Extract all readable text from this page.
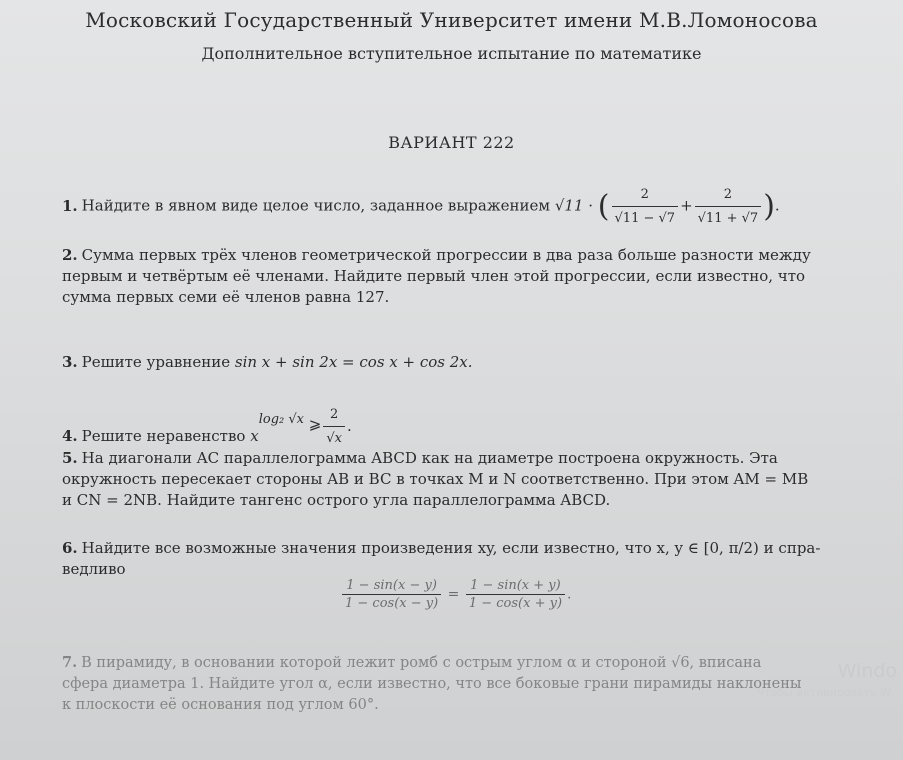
Московский Государственный Университет имени М.В.Ломоносова
Дополнительное вступительное испытание по математике
ВАРИАНТ 222
1. Найдите в явном виде целое число, заданное выражением √11 · ( $\frac{2}{√11 - √7} + \frac{2}{√11 + √7}$ ).
2. Сумма первых трёх членов геометрической прогрессии в два раза больше разности между
первым и четвёртым её членами. Найдите первый член этой прогрессии, если известно, что
сумма первых семи её членов равна 127.
3. Решите уравнение sin x + sin 2x = cos x + cos 2x.
4. Решите неравенство xlog₂ √x ⩾ $\frac{2}{√x}$ .
5. На диагонали AC параллелограмма ABCD как на диаметре построена окружность. Эта
окружность пересекает стороны AB и BC в точках M и N соответственно. При этом AM = MB
и CN = 2NB. Найдите тангенс острого угла параллелограмма ABCD.
6. Найдите все возможные значения произведения xy, если известно, что x, y ∈ [0, π/2) и спра-
ведливо
$\frac{1 - \sin(x - y)}{1 - \cos(x - y)} = \frac{1 - \sin(x + y)}{1 - \cos(x + y)}$ .
7. В пирамиду, в основании которой лежит ромб с острым углом α и стороной √6, вписана
сфера диаметра 1. Найдите угол α, если известно, что все боковые грани пирамиды наклонены
к плоскости её основания под углом 60°.
Windo
Чтобы активировать W
